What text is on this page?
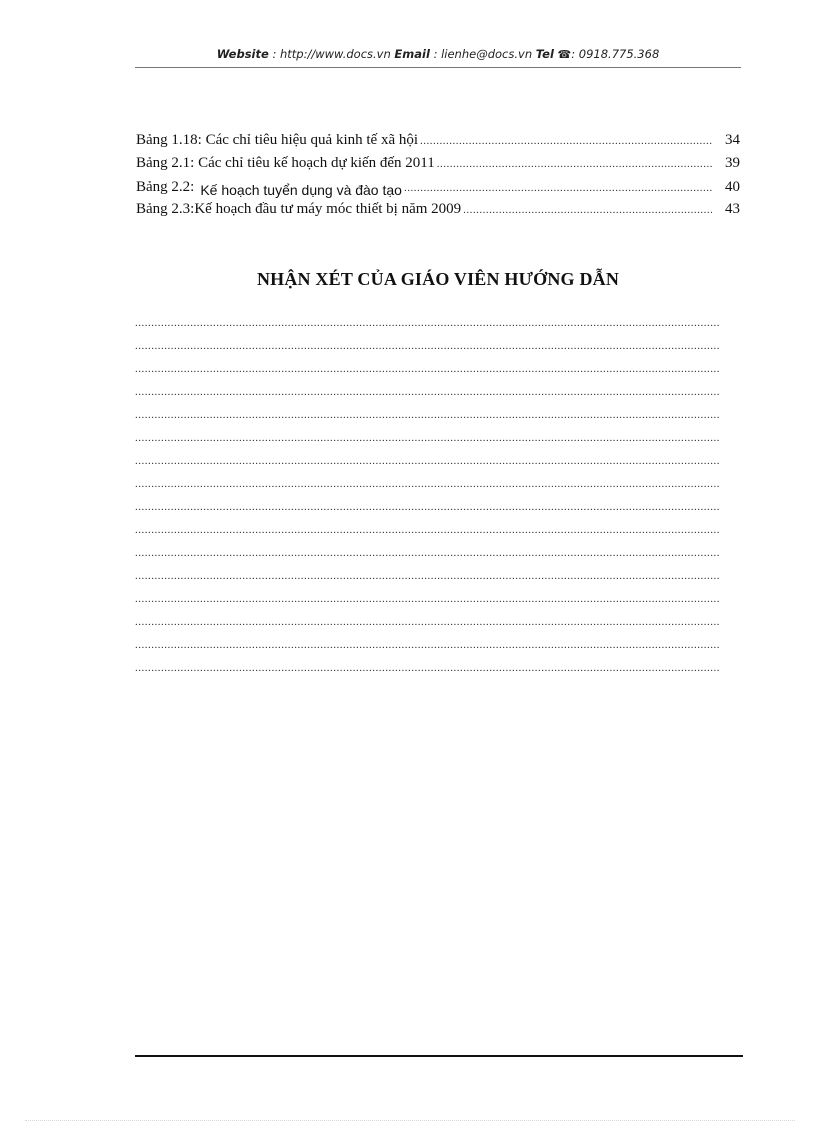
Website : http://www.docs.vn Email : lienhe@docs.vn Tel ☎: 0918.775.368
Bảng 1.18: Các chỉ tiêu hiệu quả kinh tế xã hội .....	34
Bảng 2.1: Các chỉ tiêu kế hoạch dự kiến đến 2011 .....	39
Bảng 2.2: Kế hoạch tuyển dụng và đào tạo .....	40
Bảng 2.3:Kế hoạch đầu tư máy móc thiết bị năm 2009 .....	43
NHẬN XÉT CỦA GIÁO VIÊN HƯỚNG DẪN
.....
.....
.....
.....
.....
.....
.....
.....
.....
.....
.....
.....
.....
.....
.....
.....
